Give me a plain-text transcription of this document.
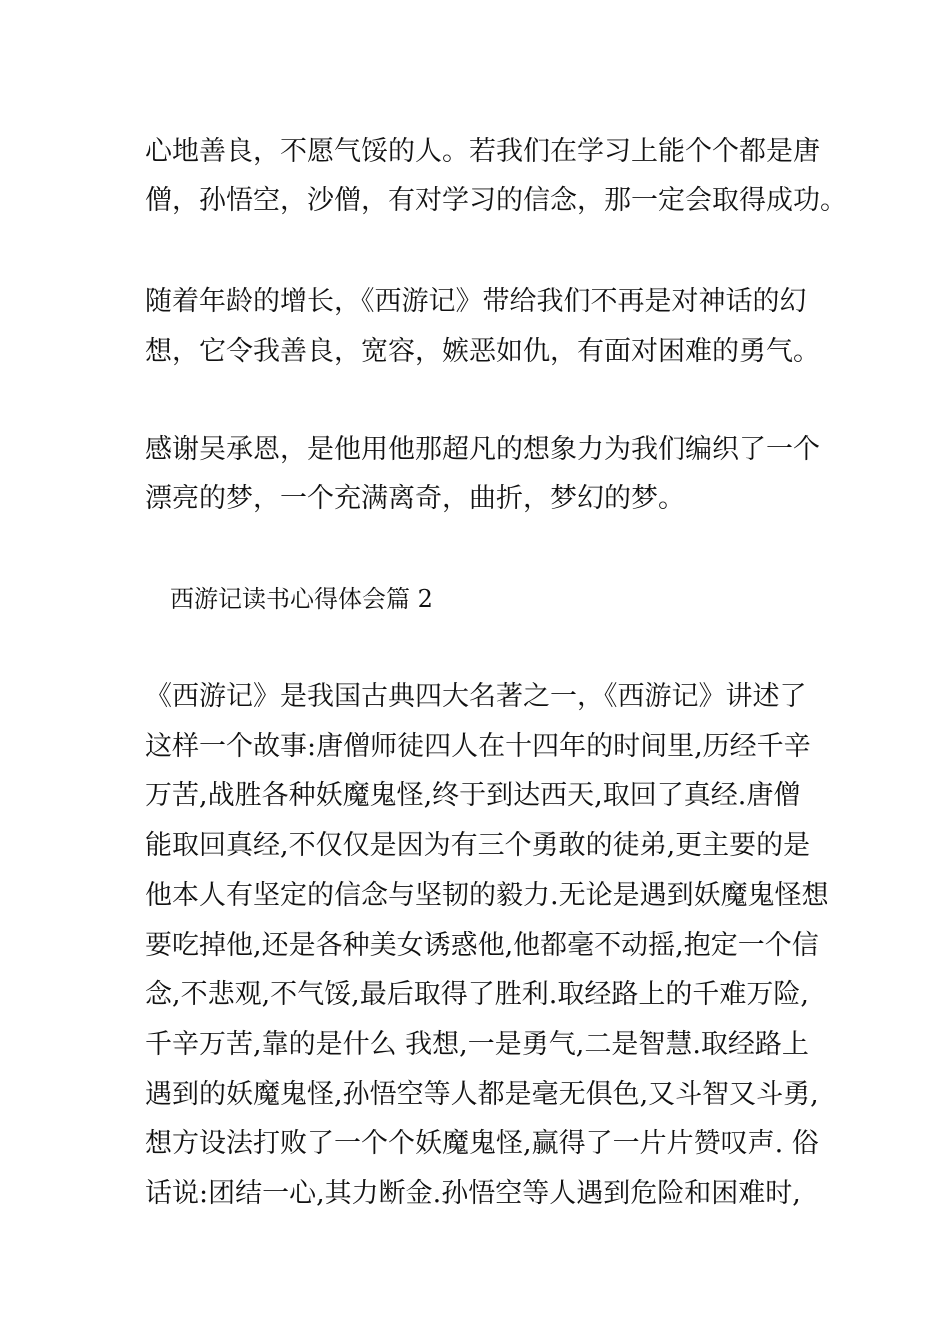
心地善良，不愿气馁的人。若我们在学习上能个个都是唐
僧，孙悟空，沙僧，有对学习的信念，那一定会取得成功。
随着年龄的增长，《西游记》带给我们不再是对神话的幻
想，它令我善良，宽容，嫉恶如仇，有面对困难的勇气。
感谢吴承恩，是他用他那超凡的想象力为我们编织了一个
漂亮的梦，一个充满离奇，曲折，梦幻的梦。
西游记读书心得体会篇 2
《西游记》是我国古典四大名著之一，《西游记》讲述了
这样一个故事:唐僧师徒四人在十四年的时间里,历经千辛
万苦,战胜各种妖魔鬼怪,终于到达西天,取回了真经.唐僧
能取回真经,不仅仅是因为有三个勇敢的徒弟,更主要的是
他本人有坚定的信念与坚韧的毅力.无论是遇到妖魔鬼怪想
要吃掉他,还是各种美女诱惑他,他都毫不动摇,抱定一个信
念,不悲观,不气馁,最后取得了胜利.取经路上的千难万险,
千辛万苦,靠的是什么 我想,一是勇气,二是智慧.取经路上
遇到的妖魔鬼怪,孙悟空等人都是毫无俱色,又斗智又斗勇,
想方设法打败了一个个妖魔鬼怪,赢得了一片片赞叹声. 俗
话说:团结一心,其力断金.孙悟空等人遇到危险和困难时,
